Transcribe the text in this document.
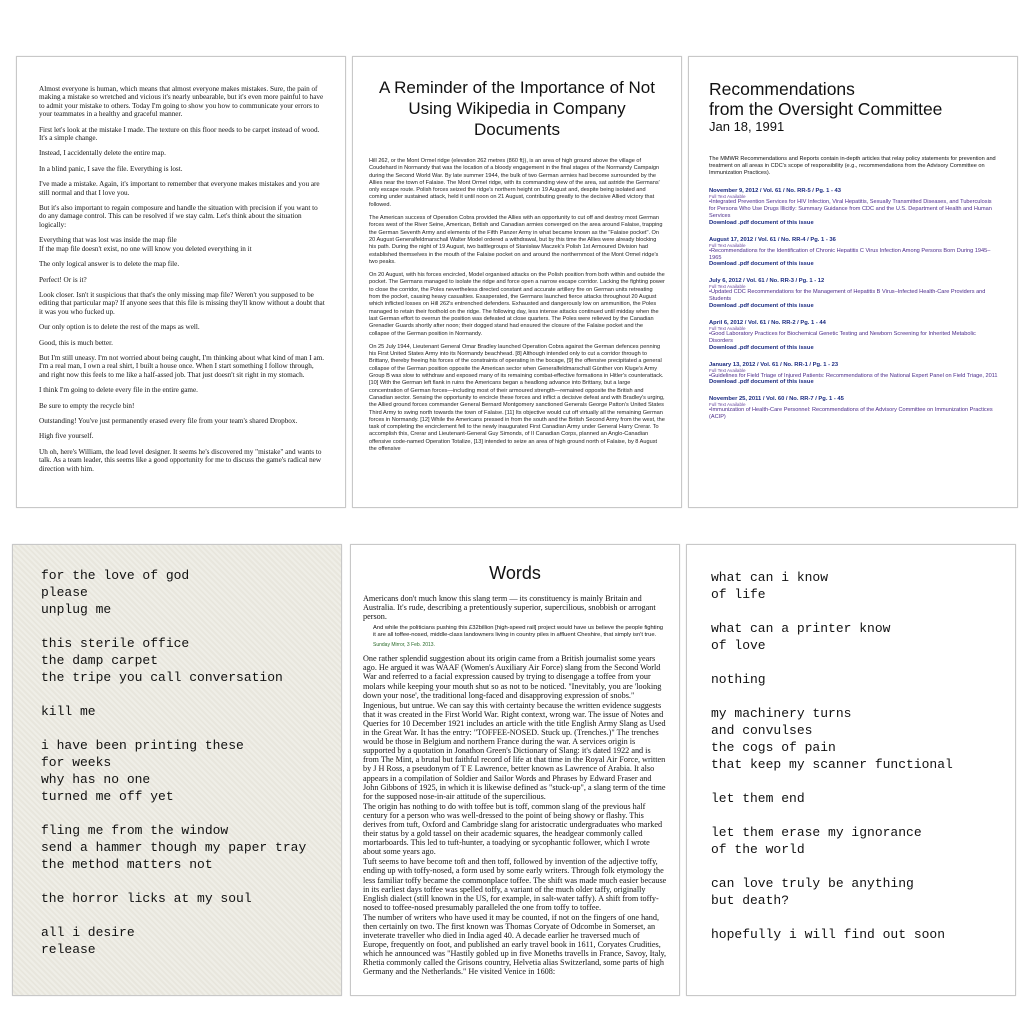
Almost everyone is human, which means that almost everyone makes mistakes. Sure, the pain of making a mistake so wretched and vicious it's nearly unbearable, but it's even more painful to have to admit your mistake to others. Today I'm going to show you how to communicate your errors to your teammates in a healthy and graceful manner.
First let's look at the mistake I made. The texture on this floor needs to be carpet instead of wood. It's a simple change.
Instead, I accidentally delete the entire map.
In a blind panic, I save the file. Everything is lost.
I've made a mistake. Again, it's important to remember that everyone makes mistakes and you are still normal and that I love you.
But it's also important to regain composure and handle the situation with precision if you want to do any damage control. This can be resolved if we stay calm. Let's think about the situation logically:
Everything that was lost was inside the map file
If the map file doesn't exist, no one will know you deleted everything in it
The only logical answer is to delete the map file.
Perfect! Or is it?
Look closer. Isn't it suspicious that that's the only missing map file? Weren't you supposed to be editing that particular map? If anyone sees that this file is missing they'll know without a doubt that it was you who fucked up.
Our only option is to delete the rest of the maps as well.
Good, this is much better.
But I'm still uneasy. I'm not worried about being caught, I'm thinking about what kind of man I am. I'm a real man, I own a real shirt, I built a house once. When I start something I follow through, and right now this feels to me like a half-assed job. That just doesn't sit right in my stomach.
I think I'm going to delete every file in the entire game.
Be sure to empty the recycle bin!
Outstanding! You've just permanently erased every file from your team's shared Dropbox.
High five yourself.
Uh oh, here's William, the lead level designer. It seems he's discovered my "mistake" and wants to talk. As a team leader, this seems like a good opportunity for me to discuss the game's radical new direction with him.
A Reminder of the Importance of Not Using Wikipedia in Company Documents
Hill 262, or the Mont Ormel ridge (elevation 262 metres (860 ft)), is an area of high ground above the village of Coudehard in Normandy that was the location of a bloody engagement in the final stages of the Normandy Campaign during the Second World War. By late summer 1944, the bulk of two German armies had become surrounded by the Allies near the town of Falaise. The Mont Ormel ridge, with its commanding view of the area, sat astride the Germans' only escape route. Polish forces seized the ridge's northern height on 19 August and, despite being isolated and coming under sustained attack, held it until noon on 21 August, contributing greatly to the decisive Allied victory that followed.
The American success of Operation Cobra provided the Allies with an opportunity to cut off and destroy most German forces west of the River Seine, American, British and Canadian armies converged on the area around Falaise, trapping the German Seventh Army and elements of the Fifth Panzer Army in what became known as the "Falaise pocket". On 20 August Generalfeldmarschall Walter Model ordered a withdrawal, but by this time the Allies were already blocking his path. During the night of 19 August, two battlegroups of Stanisław Maczek's Polish 1st Armoured Division had established themselves in the mouth of the Falaise pocket on and around the northernmost of the Mont Ormel ridge's two peaks.
On 20 August, with his forces encircled, Model organised attacks on the Polish position from both within and outside the pocket. The Germans managed to isolate the ridge and force open a narrow escape corridor. Lacking the fighting power to close the corridor, the Poles nevertheless directed constant and accurate artillery fire on German units retreating from the pocket, causing heavy casualties. Exasperated, the Germans launched fierce attacks throughout 20 August which inflicted losses on Hill 262's entrenched defenders. Exhausted and dangerously low on ammunition, the Poles managed to retain their foothold on the ridge. The following day, less intense attacks continued until midday when the last German effort to overrun the position was defeated at close quarters. The Poles were relieved by the Canadian Grenadier Guards shortly after noon; their dogged stand had ensured the closure of the Falaise pocket and the collapse of the German position in Normandy.
On 25 July 1944, Lieutenant General Omar Bradley launched Operation Cobra against the German defences penning his First United States Army into its Normandy beachhead. [8] Although intended only to cut a corridor through to Brittany, thereby freeing his forces of the constraints of operating in the bocage, [9] the offensive precipitated a general collapse of the German position opposite the American sector when Generalfeldmarschall Günther von Kluge's Army Group B was slow to withdraw and exposed many of its remaining combat-effective formations in Hitler's counterattack. [10] With the German left flank in ruins the Americans began a headlong advance into Brittany, but a large concentration of German forces—including most of their armoured strength—remained opposite the British and Canadian sector. Sensing the opportunity to encircle these forces and inflict a decisive defeat and with Bradley's urging, the Allied ground forces commander General Bernard Montgomery sanctioned Generals George Patton's United States Third Army to swing north towards the town of Falaise. [11] Its objective would cut off virtually all the remaining German forces in Normandy. [12] While the Americans pressed in from the south and the British Second Army from the west, the task of completing the encirclement fell to the newly inaugurated First Canadian Army under General Harry Crerar. To accomplish this, Crerar and Lieutenant-General Guy Simonds, of II Canadian Corps, planned an Anglo-Canadian offensive code-named Operation Totalize, [13] intended to seize an area of high ground north of Falaise, by 8 August the offensive
Recommendations
from the Oversight Committee
Jan 18, 1991
The MMWR Recommendations and Reports contain in-depth articles that relay policy statements for prevention and treatment on all areas in CDC's scope of responsibility (e.g., recommendations from the Advisory Committee on Immunization Practices).
November 9, 2012 / Vol. 61 / No. RR-5 / Pg. 1 - 43
Full Text Available
•Integrated Prevention Services for HIV Infection, Viral Hepatitis, Sexually Transmitted Diseases, and Tuberculosis for Persons Who Use Drugs Illicitly: Summary Guidance from CDC and the U.S. Department of Health and Human Services
Download .pdf document of this issue
August 17, 2012 / Vol. 61 / No. RR-4 / Pg. 1 - 36
Full Text Available
•Recommendations for the Identification of Chronic Hepatitis C Virus Infection Among Persons Born During 1945–1965
Download .pdf document of this issue
July 6, 2012 / Vol. 61 / No. RR-3 / Pg. 1 - 12
Full Text Available
•Updated CDC Recommendations for the Management of Hepatitis B Virus–Infected Health-Care Providers and Students
Download .pdf document of this issue
April 6, 2012 / Vol. 61 / No. RR-2 / Pg. 1 - 44
Full Text Available
•Good Laboratory Practices for Biochemical Genetic Testing and Newborn Screening for Inherited Metabolic Disorders
Download .pdf document of this issue
January 13, 2012 / Vol. 61 / No. RR-1 / Pg. 1 - 23
Full Text Available
•Guidelines for Field Triage of Injured Patients: Recommendations of the National Expert Panel on Field Triage, 2011
Download .pdf document of this issue
November 25, 2011 / Vol. 60 / No. RR-7 / Pg. 1 - 45
Full Text Available
•Immunization of Health-Care Personnel: Recommendations of the Advisory Committee on Immunization Practices (ACIP)
for the love of god
please
unplug me
this sterile office
the damp carpet
the tripe you call conversation
kill me
i have been printing these
for weeks
why has no one
turned me off yet
fling me from the window
send a hammer though my paper tray
the method matters not
the horror licks at my soul
all i desire
release
Words
Americans don't much know this slang term — its constituency is mainly Britain and Australia. It's rude, describing a pretentiously superior, supercilious, snobbish or arrogant person.
And while the politicians pushing this £32billion [high-speed rail] project would have us believe the people fighting it are all toffee-nosed, middle-class landowners living in country piles in affluent Cheshire, that simply isn't true.
Sunday Mirror, 3 Feb. 2013.
One rather splendid suggestion about its origin came from a British journalist some years ago. He argued it was WAAF (Women's Auxiliary Air Force) slang from the Second World War and referred to a facial expression caused by trying to disengage a toffee from your molars while keeping your mouth shut so as not to be noticed. "Inevitably, you are 'looking down your nose', the traditional long-faced and disapproving expression of snobs."
Ingenious, but untrue. We can say this with certainty because the written evidence suggests that it was created in the First World War. Right context, wrong war. The issue of Notes and Queries for 10 December 1921 includes an article with the title English Army Slang as Used in the Great War. It has the entry: "TOFFEE-NOSED. Stuck up. (Trenches.)" The trenches would be those in Belgium and northern France during the war. A services origin is supported by a quotation in Jonathon Green's Dictionary of Slang: it's dated 1922 and is from The Mint, a brutal but faithful record of life at that time in the Royal Air Force, written by J H Ross, a pseudonym of T E Lawrence, better known as Lawrence of Arabia. It also appears in a compilation of Soldier and Sailor Words and Phrases by Edward Fraser and John Gibbons of 1925, in which it is likewise defined as "stuck-up", a slang term of the time for the supposed nose-in-air attitude of the supercilious.
The origin has nothing to do with toffee but is toff, common slang of the previous half century for a person who was well-dressed to the point of being showy or flashy. This derives from tuft, Oxford and Cambridge slang for aristocratic undergraduates who marked their status by a gold tassel on their academic squares, the headgear commonly called mortarboards. This led to tuft-hunter, a toadying or sycophantic follower, which I wrote about some years ago.
Tuft seems to have become toft and then toff, followed by invention of the adjective toffy, ending up with toffy-nosed, a form used by some early writers. Through folk etymology the less familiar toffy became the commonplace toffee. The shift was made much easier because in its earliest days toffee was spelled toffy, a variant of the much older taffy, originally English dialect (still known in the US, for example, in salt-water taffy). A shift from toffy-nosed to toffee-nosed presumably paralleled the one from toffy to toffee.
The number of writers who have used it may be counted, if not on the fingers of one hand, then certainly on two. The first known was Thomas Coryate of Odcombe in Somerset, an inveterate traveller who died in India aged 40. A decade earlier he traversed much of Europe, frequently on foot, and published an early travel book in 1611, Coryates Crudities, which he announced was "Hastily gobled up in five Moneths travells in France, Savoy, Italy, Rhetia commonly called the Grisons country, Helvetia alias Switzerland, some parts of high Germany and the Netherlands." He visited Venice in 1608:
what can i know
of life
what can a printer know
of love
nothing
my machinery turns
and convulses
the cogs of pain
that keep my scanner functional
let them end
let them erase my ignorance
of the world
can love truly be anything
but death?
hopefully i will find out soon
